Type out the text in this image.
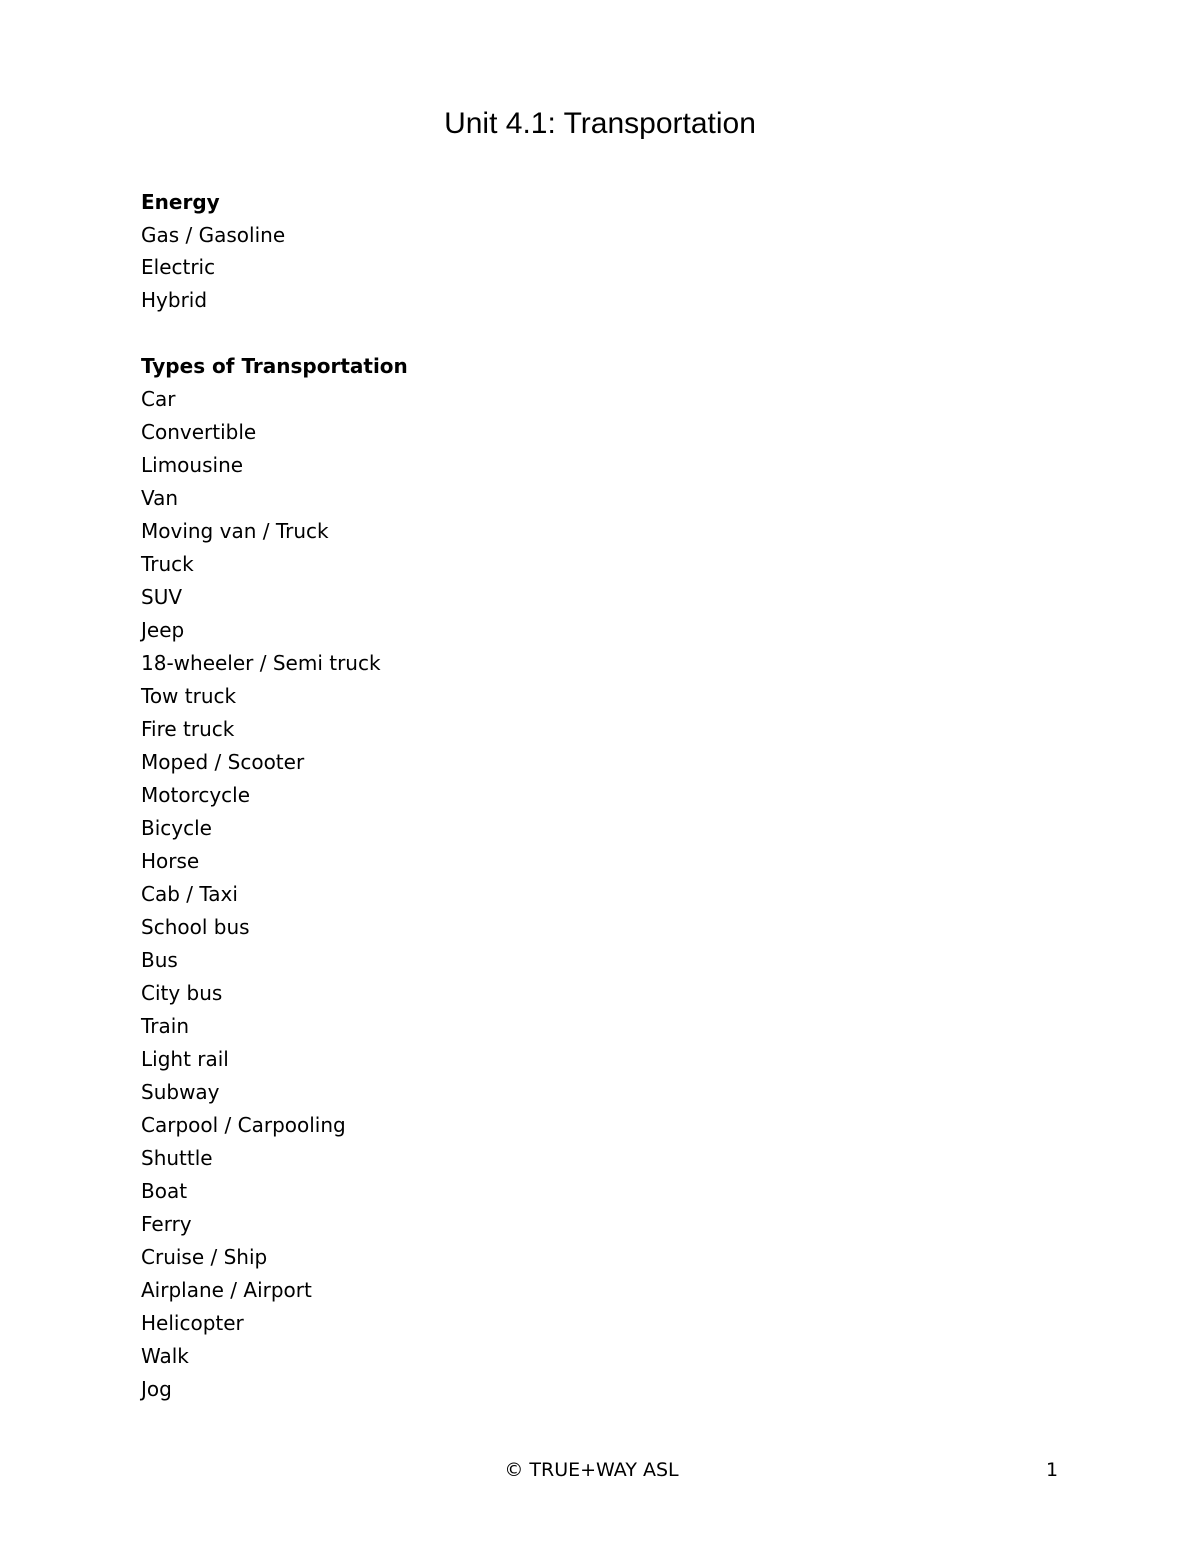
Unit 4.1: Transportation
Energy
Gas / Gasoline
Electric
Hybrid
Types of Transportation
Car
Convertible
Limousine
Van
Moving van / Truck
Truck
SUV
Jeep
18-wheeler / Semi truck
Tow truck
Fire truck
Moped / Scooter
Motorcycle
Bicycle
Horse
Cab / Taxi
School bus
Bus
City bus
Train
Light rail
Subway
Carpool / Carpooling
Shuttle
Boat
Ferry
Cruise / Ship
Airplane / Airport
Helicopter
Walk
Jog
© TRUE+WAY ASL	1
